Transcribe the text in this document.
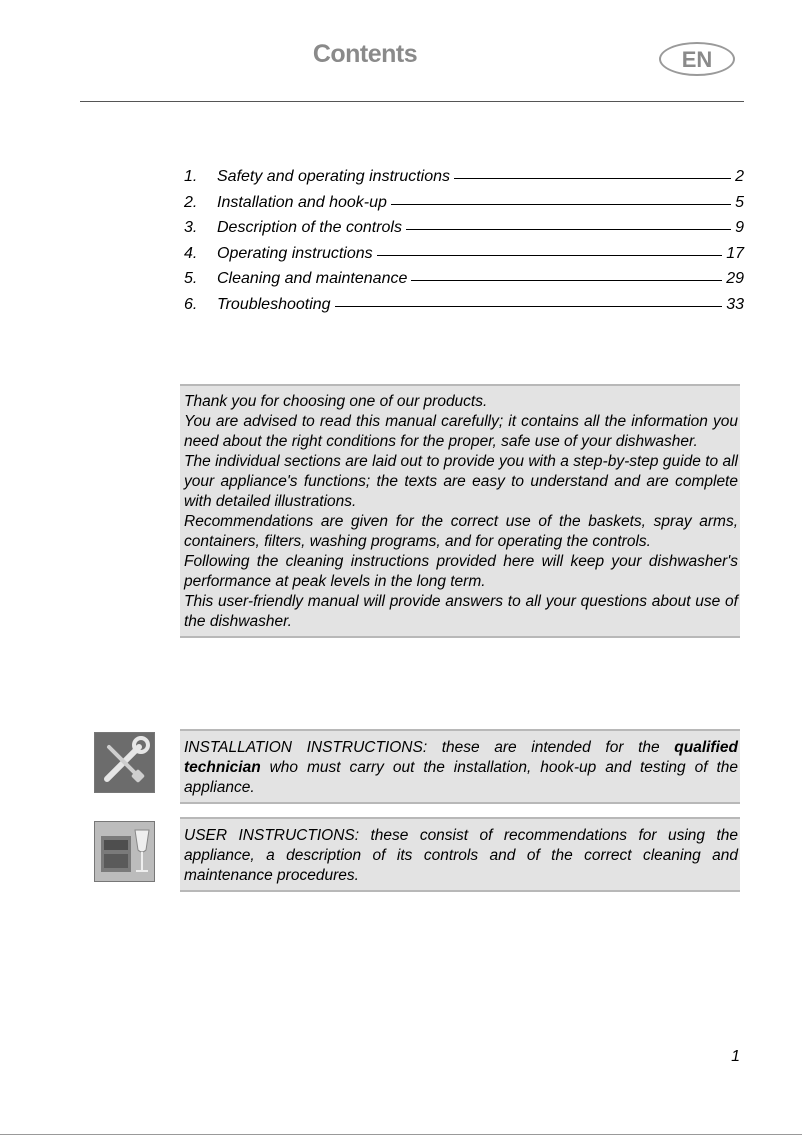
Contents	EN
1.	Safety and operating instructions	2
2.	Installation and hook-up	5
3.	Description of the controls	9
4.	Operating instructions	17
5.	Cleaning and maintenance	29
6.	Troubleshooting	33

Thank you for choosing one of our products.

You are advised to read this manual carefully; it contains all the information you need about the right conditions for the proper, safe use of your dishwasher.

The individual sections are laid out to provide you with a step-by-step guide to all your appliance's functions; the texts are easy to understand and are complete with detailed illustrations.

Recommendations are given for the correct use of the baskets, spray arms, containers, filters, washing programs, and for operating the controls.

Following the cleaning instructions provided here will keep your dishwasher's performance at peak levels in the long term.

This user-friendly manual will provide answers to all your questions about use of the dishwasher.

INSTALLATION INSTRUCTIONS: these are intended for the qualified technician who must carry out the installation, hook-up and testing of the appliance.

USER INSTRUCTIONS: these consist of recommendations for using the appliance, a description of its controls and of the correct cleaning and maintenance procedures.

1
